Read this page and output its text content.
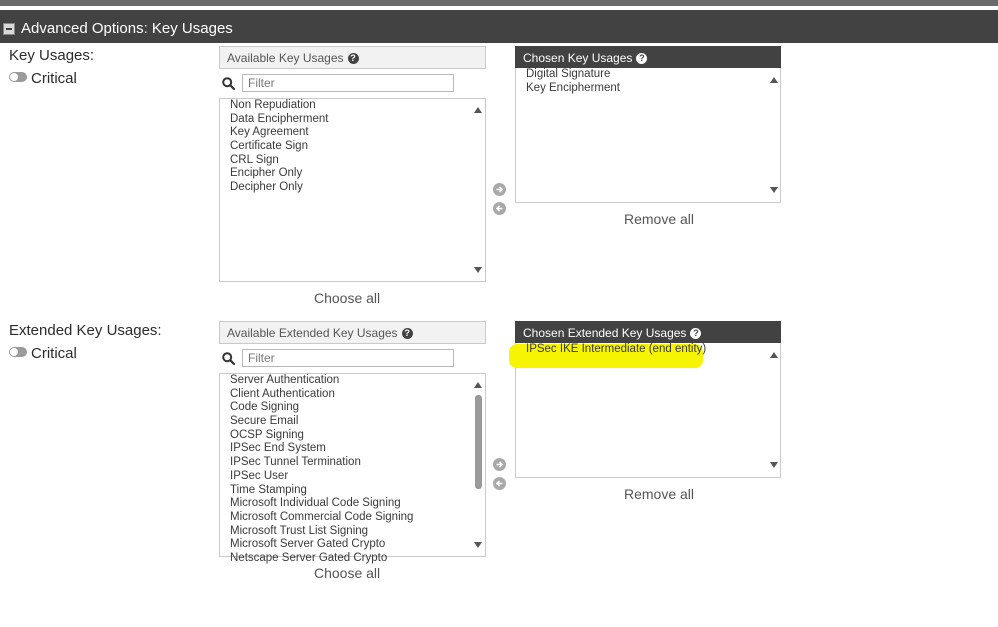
Advanced Options: Key Usages
Key Usages:
Critical
Available Key Usages ?
Filter
Non Repudiation
Data Encipherment
Key Agreement
Certificate Sign
CRL Sign
Encipher Only
Decipher Only
Chosen Key Usages ?
Digital Signature
Key Encipherment
Remove all
Choose all
Extended Key Usages:
Critical
Available Extended Key Usages ?
Filter
Server Authentication
Client Authentication
Code Signing
Secure Email
OCSP Signing
IPSec End System
IPSec Tunnel Termination
IPSec User
Time Stamping
Microsoft Individual Code Signing
Microsoft Commercial Code Signing
Microsoft Trust List Signing
Microsoft Server Gated Crypto
Netscape Server Gated Crypto
Chosen Extended Key Usages ?
IPSec IKE Intermediate (end entity)
Remove all
Choose all
